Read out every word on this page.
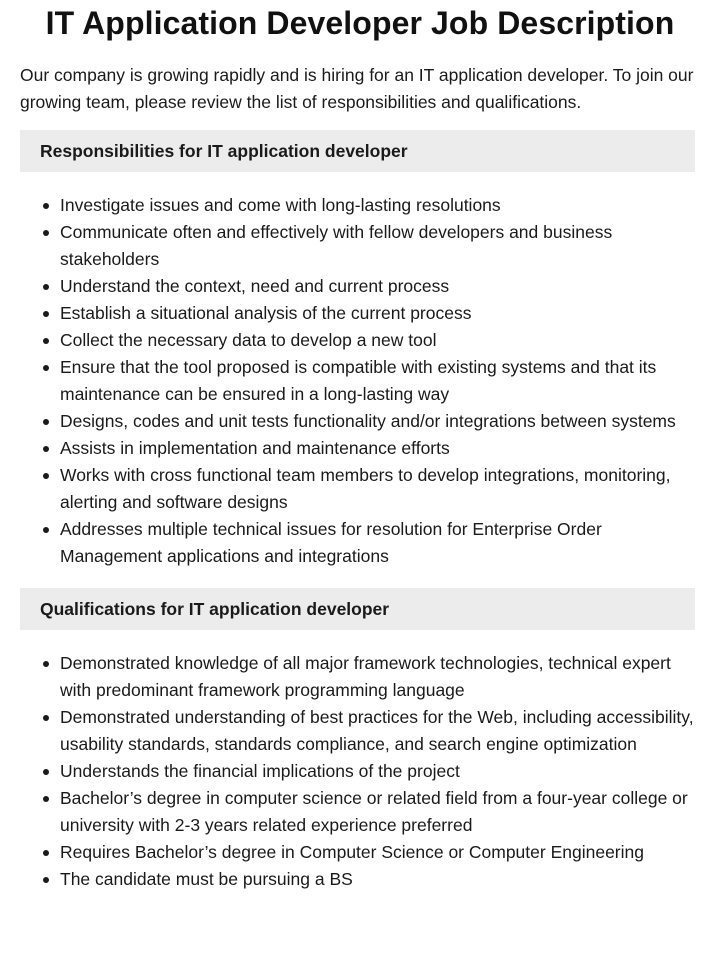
IT Application Developer Job Description

Our company is growing rapidly and is hiring for an IT application developer. To join our growing team, please review the list of responsibilities and qualifications.

Responsibilities for IT application developer
Investigate issues and come with long-lasting resolutions
Communicate often and effectively with fellow developers and business stakeholders
Understand the context, need and current process
Establish a situational analysis of the current process
Collect the necessary data to develop a new tool
Ensure that the tool proposed is compatible with existing systems and that its maintenance can be ensured in a long-lasting way
Designs, codes and unit tests functionality and/or integrations between systems
Assists in implementation and maintenance efforts
Works with cross functional team members to develop integrations, monitoring, alerting and software designs
Addresses multiple technical issues for resolution for Enterprise Order Management applications and integrations
Qualifications for IT application developer
Demonstrated knowledge of all major framework technologies, technical expert with predominant framework programming language
Demonstrated understanding of best practices for the Web, including accessibility, usability standards, standards compliance, and search engine optimization
Understands the financial implications of the project
Bachelor’s degree in computer science or related field from a four-year college or university with 2-3 years related experience preferred
Requires Bachelor’s degree in Computer Science or Computer Engineering
The candidate must be pursuing a BS
